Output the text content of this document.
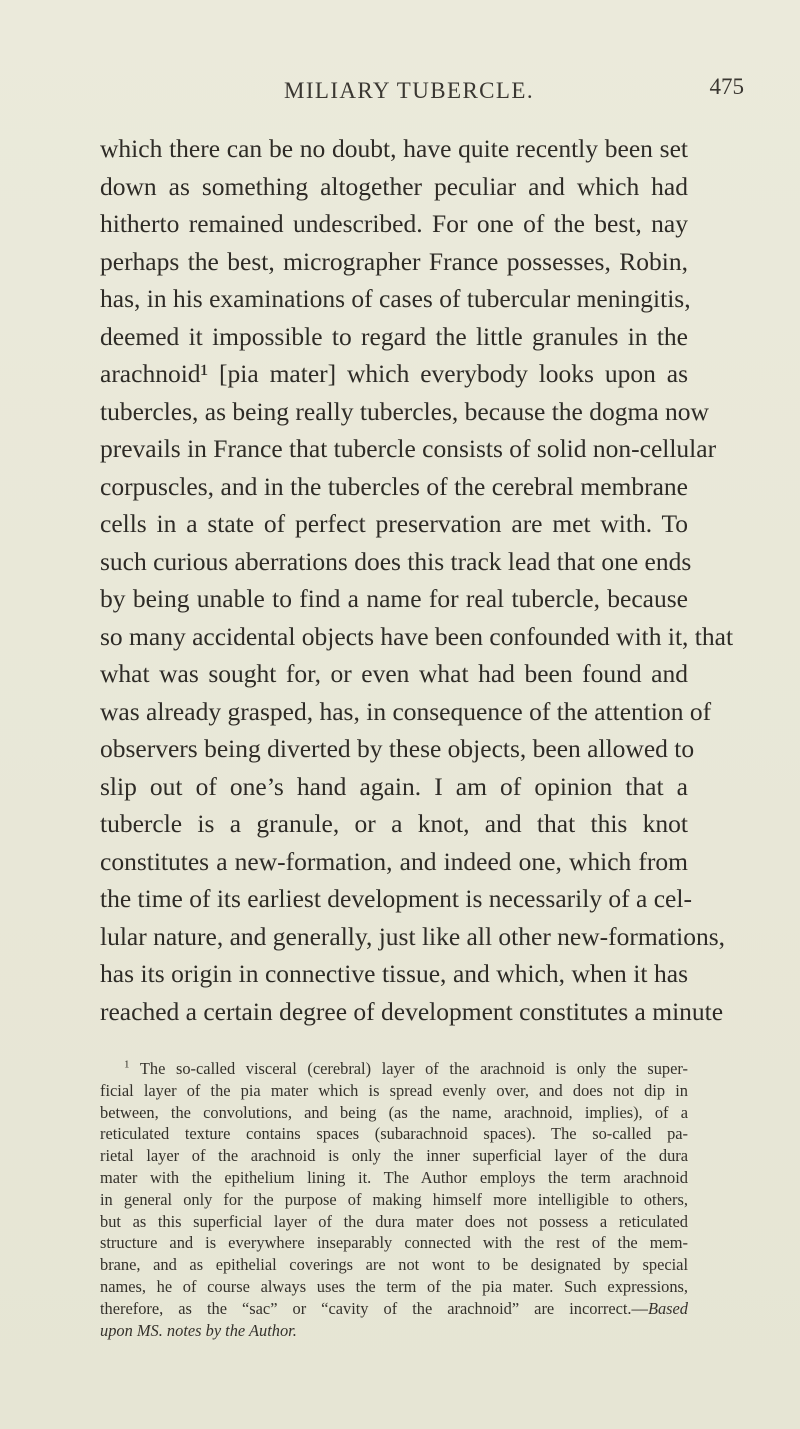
MILIARY TUBERCLE.	475
which there can be no doubt, have quite recently been set
down as something altogether peculiar and which had
hitherto remained undescribed. For one of the best, nay
perhaps the best, micrographer France possesses, Robin,
has, in his examinations of cases of tubercular meningitis,
deemed it impossible to regard the little granules in the
arachnoid¹ [pia mater] which everybody looks upon as
tubercles, as being really tubercles, because the dogma now
prevails in France that tubercle consists of solid non-cellular
corpuscles, and in the tubercles of the cerebral membrane
cells in a state of perfect preservation are met with. To
such curious aberrations does this track lead that one ends
by being unable to find a name for real tubercle, because
so many accidental objects have been confounded with it, that
what was sought for, or even what had been found and
was already grasped, has, in consequence of the attention of
observers being diverted by these objects, been allowed to
slip out of one’s hand again. I am of opinion that a
tubercle is a granule, or a knot, and that this knot
constitutes a new-formation, and indeed one, which from
the time of its earliest development is necessarily of a cel-
lular nature, and generally, just like all other new-formations,
has its origin in connective tissue, and which, when it has
reached a certain degree of development constitutes a minute
$^1$ The so-called visceral (cerebral) layer of the arachnoid is only the super-
ficial layer of the pia mater which is spread evenly over, and does not dip in
between, the convolutions, and being (as the name, arachnoid, implies), of a
reticulated texture contains spaces (subarachnoid spaces). The so-called pa-
rietal layer of the arachnoid is only the inner superficial layer of the dura
mater with the epithelium lining it. The Author employs the term arachnoid
in general only for the purpose of making himself more intelligible to others,
but as this superficial layer of the dura mater does not possess a reticulated
structure and is everywhere inseparably connected with the rest of the mem-
brane, and as epithelial coverings are not wont to be designated by special
names, he of course always uses the term of the pia mater. Such expressions,
therefore, as the “sac” or “cavity of the arachnoid” are incorrect.—Based
upon MS. notes by the Author.
